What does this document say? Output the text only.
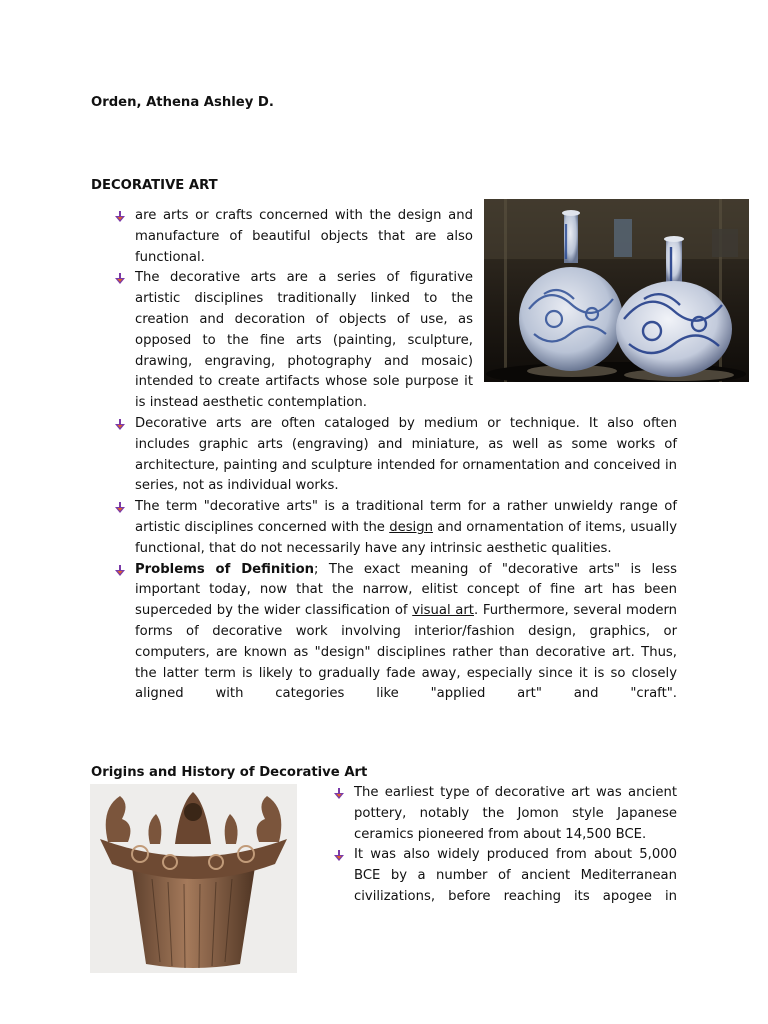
Orden, Athena Ashley D.
DECORATIVE ART
are arts or crafts concerned with the design and manufacture of beautiful objects that are also functional.
The decorative arts are a series of figurative artistic disciplines traditionally linked to the creation and decoration of objects of use, as opposed to the fine arts (painting, sculpture, drawing, engraving, photography and mosaic) intended to create artifacts whose sole purpose it is instead aesthetic contemplation.
Decorative arts are often cataloged by medium or technique. It also often includes graphic arts (engraving) and miniature, as well as some works of architecture, painting and sculpture intended for ornamentation and conceived in series, not as individual works.
The term "decorative arts" is a traditional term for a rather unwieldy range of artistic disciplines concerned with the design and ornamentation of items, usually functional, that do not necessarily have any intrinsic aesthetic qualities.
Problems of Definition; The exact meaning of "decorative arts" is less important today, now that the narrow, elitist concept of fine art has been superceded by the wider classification of visual art. Furthermore, several modern forms of decorative work involving interior/fashion design, graphics, or computers, are known as "design" disciplines rather than decorative art. Thus, the latter term is likely to gradually fade away, especially since it is so closely aligned with categories like "applied art" and "craft".
Origins and History of Decorative Art
The earliest type of decorative art was ancient pottery, notably the Jomon style Japanese ceramics pioneered from about 14,500 BCE.
It was also widely produced from about 5,000 BCE by a number of ancient Mediterranean civilizations, before reaching its apogee in
